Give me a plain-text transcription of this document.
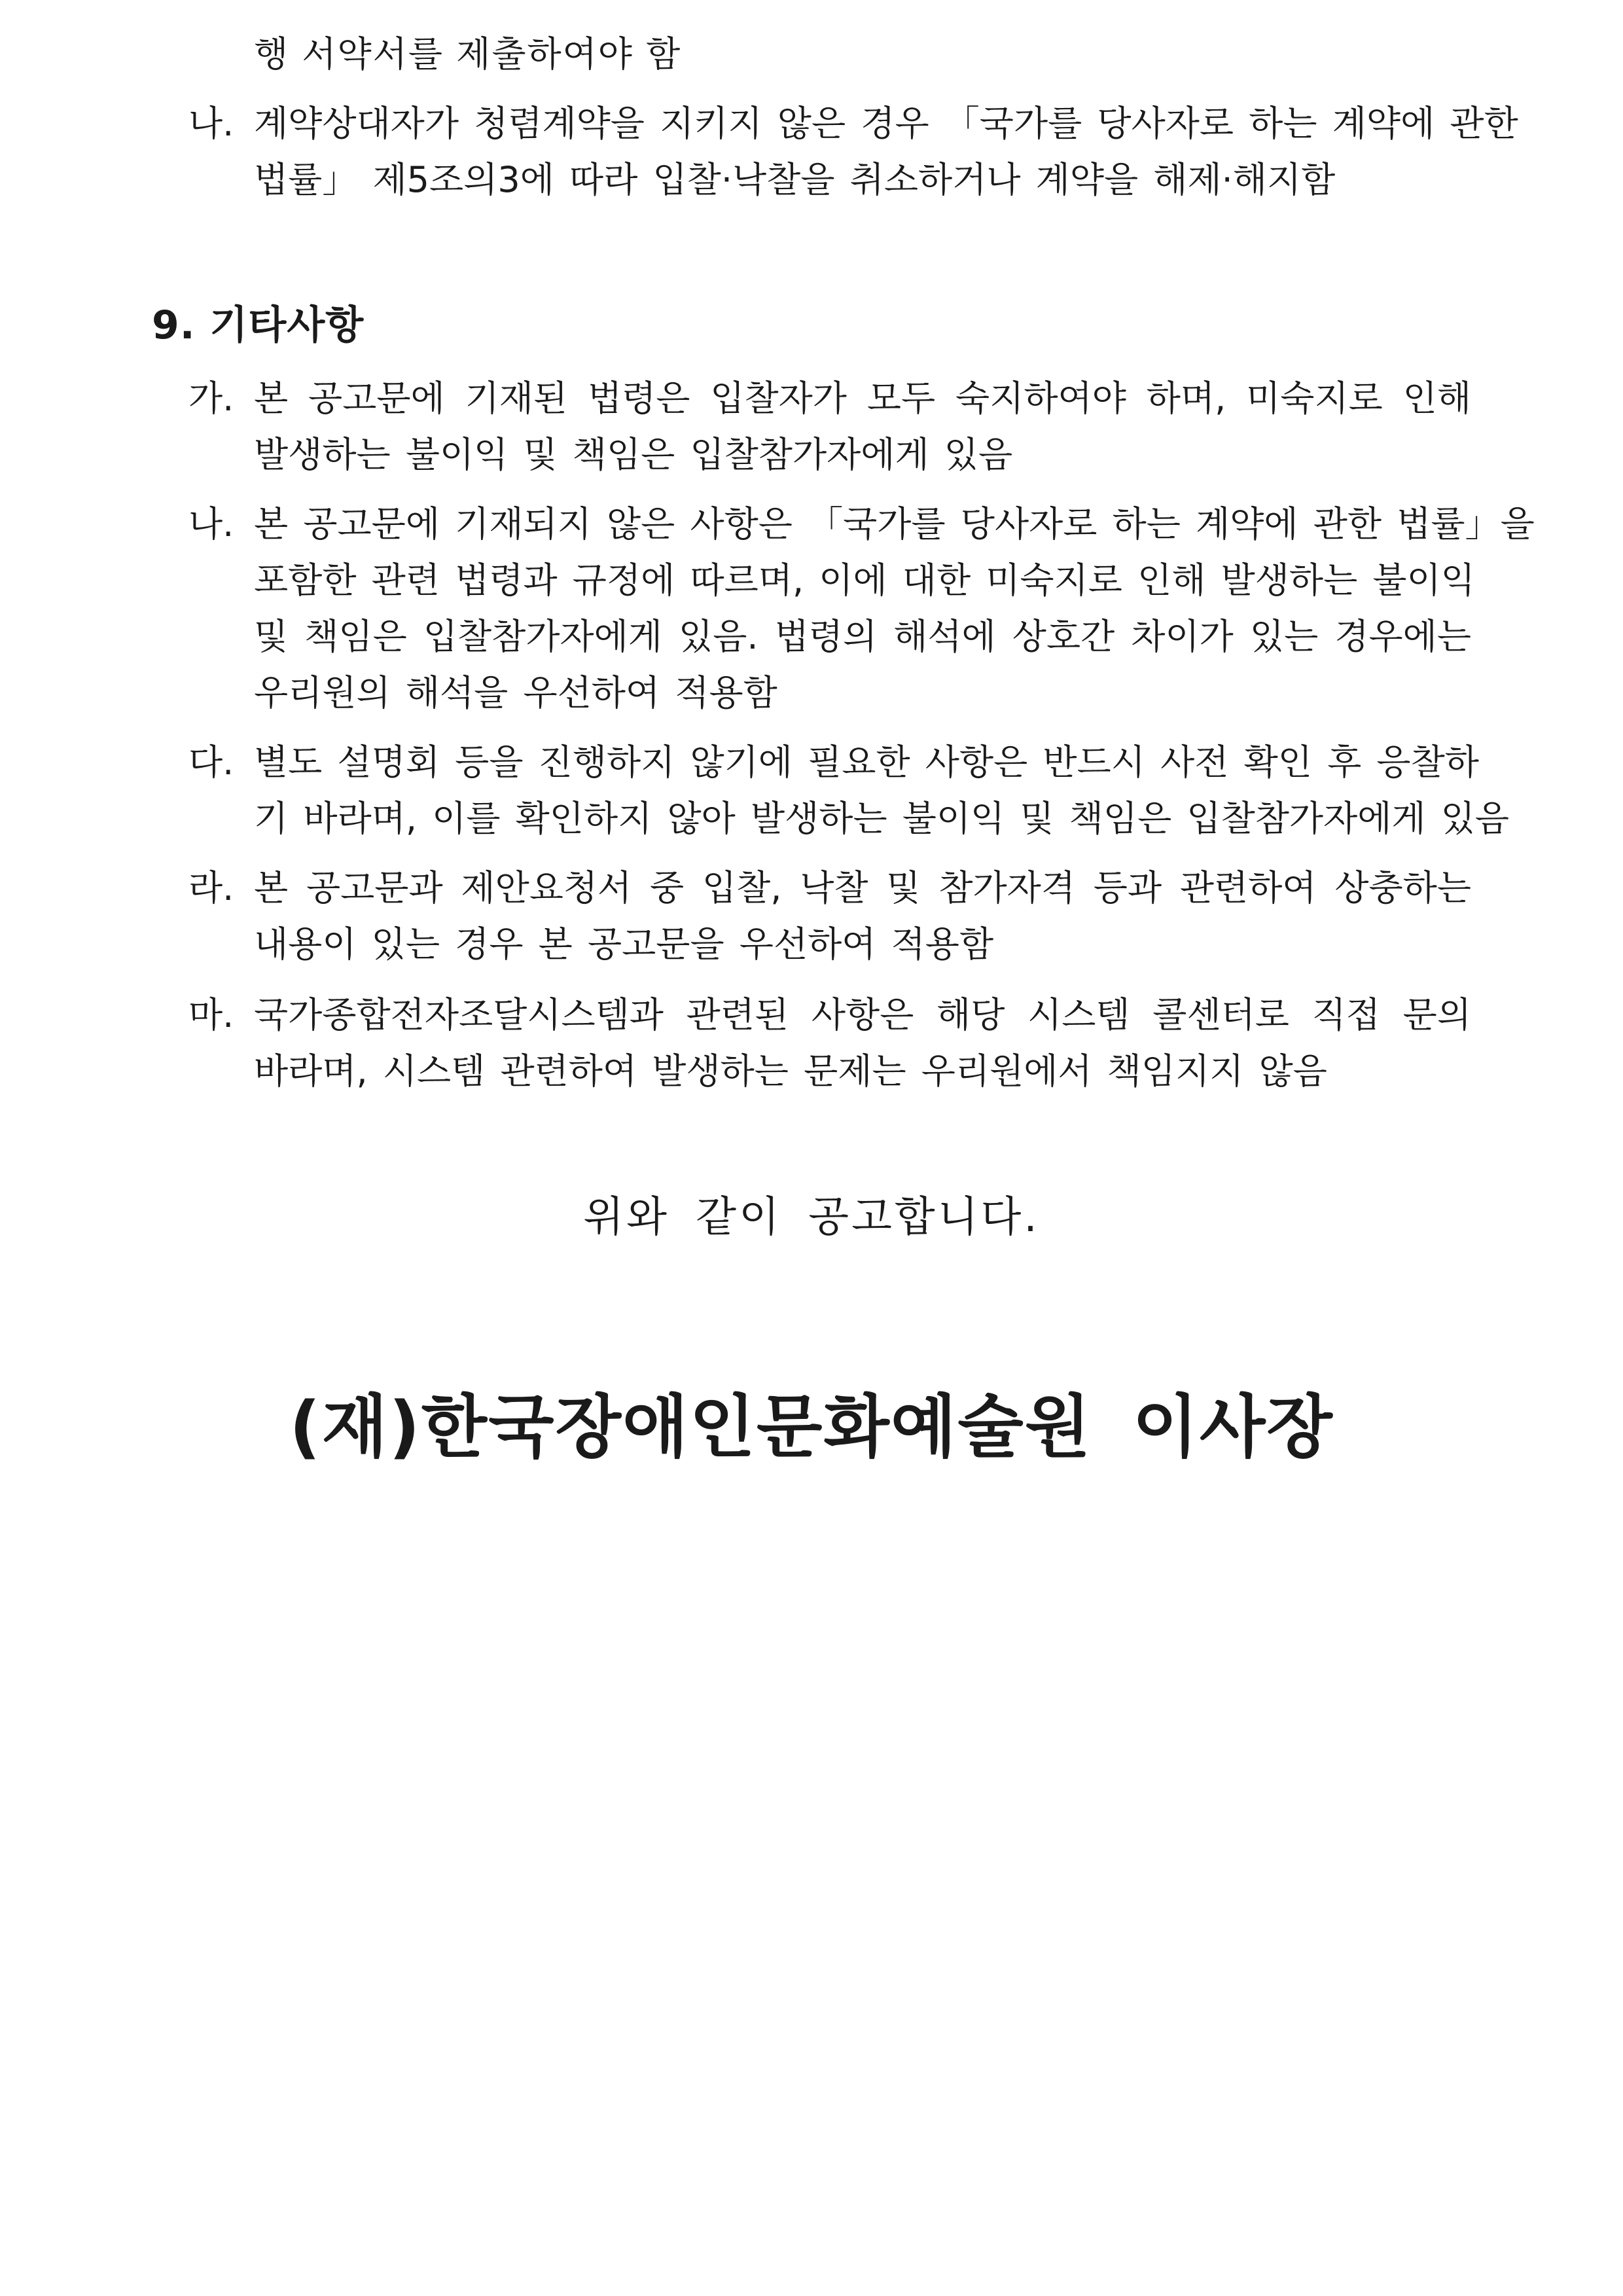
행 서약서를 제출하여야 함
나. 계약상대자가 청렴계약을 지키지 않은 경우 「국가를 당사자로 하는 계약에 관한
법률」 제5조의3에 따라 입찰·낙찰을 취소하거나 계약을 해제·해지함
9. 기타사항
가. 본 공고문에 기재된 법령은 입찰자가 모두 숙지하여야 하며, 미숙지로 인해
발생하는 불이익 및 책임은 입찰참가자에게 있음
나. 본 공고문에 기재되지 않은 사항은 「국가를 당사자로 하는 계약에 관한 법률」을
포함한 관련 법령과 규정에 따르며, 이에 대한 미숙지로 인해 발생하는 불이익
및 책임은 입찰참가자에게 있음. 법령의 해석에 상호간 차이가 있는 경우에는
우리원의 해석을 우선하여 적용함
다. 별도 설명회 등을 진행하지 않기에 필요한 사항은 반드시 사전 확인 후 응찰하
기 바라며, 이를 확인하지 않아 발생하는 불이익 및 책임은 입찰참가자에게 있음
라. 본 공고문과 제안요청서 중 입찰, 낙찰 및 참가자격 등과 관련하여 상충하는
내용이 있는 경우 본 공고문을 우선하여 적용함
마. 국가종합전자조달시스템과 관련된 사항은 해당 시스템 콜센터로 직접 문의
바라며, 시스템 관련하여 발생하는 문제는 우리원에서 책임지지 않음
위와 같이 공고합니다.
(재)한국장애인문화예술원 이사장
